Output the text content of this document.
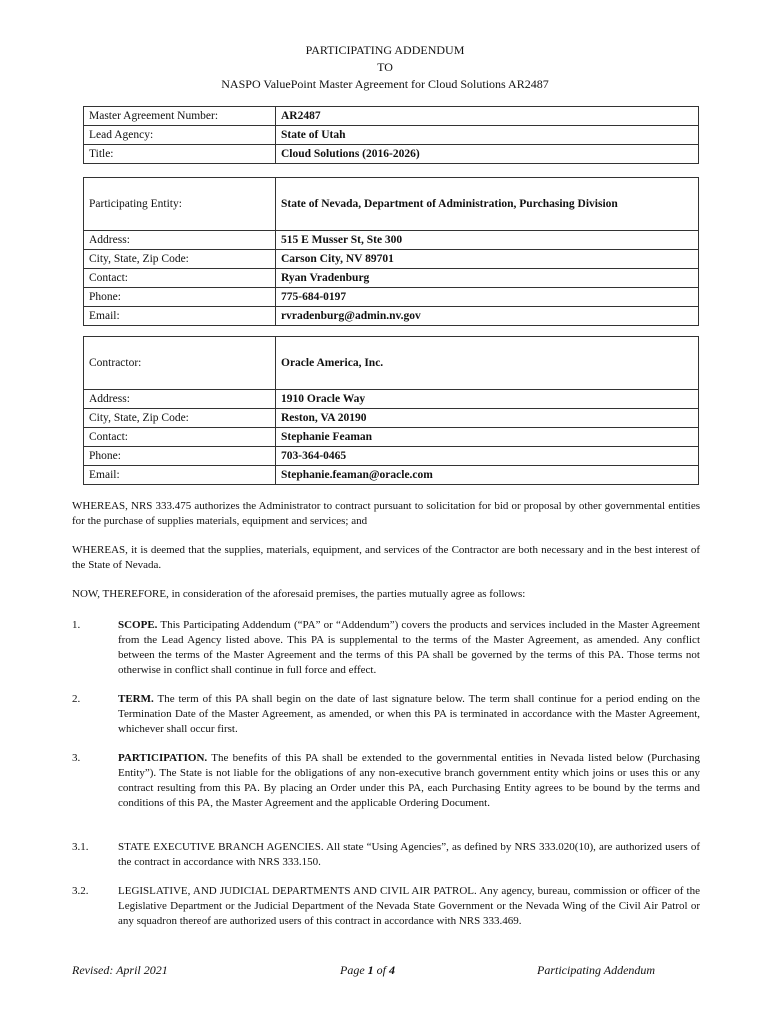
PARTICIPATING ADDENDUM
TO
NASPO ValuePoint Master Agreement for Cloud Solutions AR2487
Master Agreement Number:	AR2487
Lead Agency:	State of Utah
Title:	Cloud Solutions (2016-2026)
Participating Entity:	State of Nevada, Department of Administration, Purchasing Division
Address:	515 E Musser St, Ste 300
City, State, Zip Code:	Carson City, NV 89701
Contact:	Ryan Vradenburg
Phone:	775-684-0197
Email:	rvradenburg@admin.nv.gov
Contractor:	Oracle America, Inc.
Address:	1910 Oracle Way
City, State, Zip Code:	Reston, VA 20190
Contact:	Stephanie Feaman
Phone:	703-364-0465
Email:	Stephanie.feaman@oracle.com
WHEREAS, NRS 333.475 authorizes the Administrator to contract pursuant to solicitation for bid or proposal by other governmental entities for the purchase of supplies materials, equipment and services; and
WHEREAS, it is deemed that the supplies, materials, equipment, and services of the Contractor are both necessary and in the best interest of the State of Nevada.
NOW, THEREFORE, in consideration of the aforesaid premises, the parties mutually agree as follows:
1.	SCOPE. This Participating Addendum (“PA” or “Addendum”) covers the products and services included in the Master Agreement from the Lead Agency listed above. This PA is supplemental to the terms of the Master Agreement, as amended. Any conflict between the terms of the Master Agreement and the terms of this PA shall be governed by the terms of this PA. Those terms not otherwise in conflict shall continue in full force and effect.
2.	TERM. The term of this PA shall begin on the date of last signature below. The term shall continue for a period ending on the Termination Date of the Master Agreement, as amended, or when this PA is terminated in accordance with the Master Agreement, whichever shall occur first.
3.	PARTICIPATION. The benefits of this PA shall be extended to the governmental entities in Nevada listed below (Purchasing Entity”). The State is not liable for the obligations of any non-executive branch government entity which joins or uses this or any contract resulting from this PA. By placing an Order under this PA, each Purchasing Entity agrees to be bound by the terms and conditions of this PA, the Master Agreement and the applicable Ordering Document.
3.1.	STATE EXECUTIVE BRANCH AGENCIES. All state “Using Agencies”, as defined by NRS 333.020(10), are authorized users of the contract in accordance with NRS 333.150.
3.2.	LEGISLATIVE, AND JUDICIAL DEPARTMENTS AND CIVIL AIR PATROL. Any agency, bureau, commission or officer of the Legislative Department or the Judicial Department of the Nevada State Government or the Nevada Wing of the Civil Air Patrol or any squadron thereof are authorized users of this contract in accordance with NRS 333.469.
Revised: April 2021	Page 1 of 4	Participating Addendum
